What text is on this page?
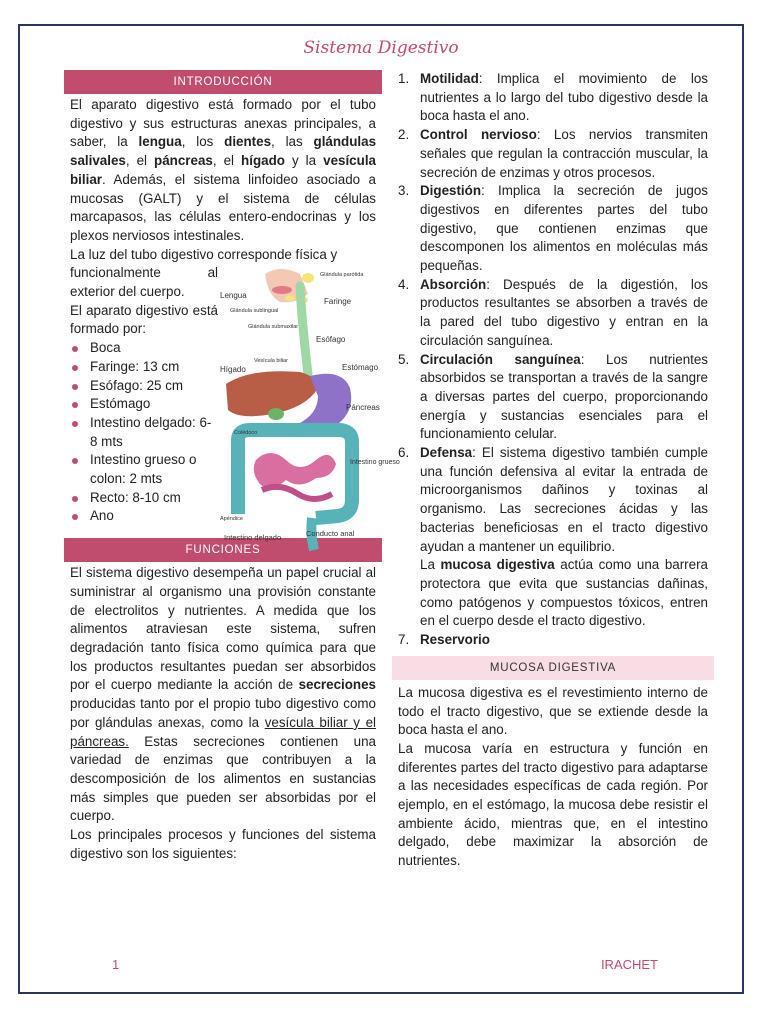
Sistema Digestivo
INTRODUCCIÓN

El aparato digestivo está formado por el tubo digestivo y sus estructuras anexas principales, a saber, la lengua, los dientes, las glándulas salivales, el páncreas, el hígado y la vesícula biliar. Además, el sistema linfoideo asociado a mucosas (GALT) y el sistema de células marcapasos, las células entero-endocrinas y los plexos nerviosos intestinales.

La luz del tubo digestivo corresponde física y

funcionalmente al exterior del cuerpo.

El aparato digestivo está formado por:

Boca
Faringe: 13 cm
Esófago: 25 cm
Estómago
Intestino delgado: 6-8 mts
Intestino grueso o colon: 2 mts
Recto: 8-10 cm
Ano
Lengua
Glándula parótida
Glándula sublingual
Faringe
Glándula submaxilar
Esófago
Vesícula biliar
Hígado	Estómago
Páncreas
Colédoco
Intestino grueso
Apéndice
Intestino delgado	Conducto anal
FUNCIONES

El sistema digestivo desempeña un papel crucial al suministrar al organismo una provisión constante de electrolitos y nutrientes. A medida que los alimentos atraviesan este sistema, sufren degradación tanto física como química para que los productos resultantes puedan ser absorbidos por el cuerpo mediante la acción de secreciones producidas tanto por el propio tubo digestivo como por glándulas anexas, como la vesícula biliar y el páncreas. Estas secreciones contienen una variedad de enzimas que contribuyen a la descomposición de los alimentos en sustancias más simples que pueden ser absorbidas por el cuerpo.

Los principales procesos y funciones del sistema digestivo son los siguientes:

1. Motilidad: Implica el movimiento de los nutrientes a lo largo del tubo digestivo desde la boca hasta el ano.
2. Control nervioso: Los nervios transmiten señales que regulan la contracción muscular, la secreción de enzimas y otros procesos.
3. Digestión: Implica la secreción de jugos digestivos en diferentes partes del tubo digestivo, que contienen enzimas que descomponen los alimentos en moléculas más pequeñas.
4. Absorción: Después de la digestión, los productos resultantes se absorben a través de la pared del tubo digestivo y entran en la circulación sanguínea.
5. Circulación sanguínea: Los nutrientes absorbidos se transportan a través de la sangre a diversas partes del cuerpo, proporcionando energía y sustancias esenciales para el funcionamiento celular.
6. Defensa: El sistema digestivo también cumple una función defensiva al evitar la entrada de microorganismos dañinos y toxinas al organismo. Las secreciones ácidas y las bacterias beneficiosas en el tracto digestivo ayudan a mantener un equilibrio.

La mucosa digestiva actúa como una barrera protectora que evita que sustancias dañinas, como patógenos y compuestos tóxicos, entren en el cuerpo desde el tracto digestivo.

7. Reservorio
MUCOSA DIGESTIVA

La mucosa digestiva es el revestimiento interno de todo el tracto digestivo, que se extiende desde la boca hasta el ano.

La mucosa varía en estructura y función en diferentes partes del tracto digestivo para adaptarse a las necesidades específicas de cada región. Por ejemplo, en el estómago, la mucosa debe resistir el ambiente ácido, mientras que, en el intestino delgado, debe maximizar la absorción de nutrientes.

1	IRACHET
